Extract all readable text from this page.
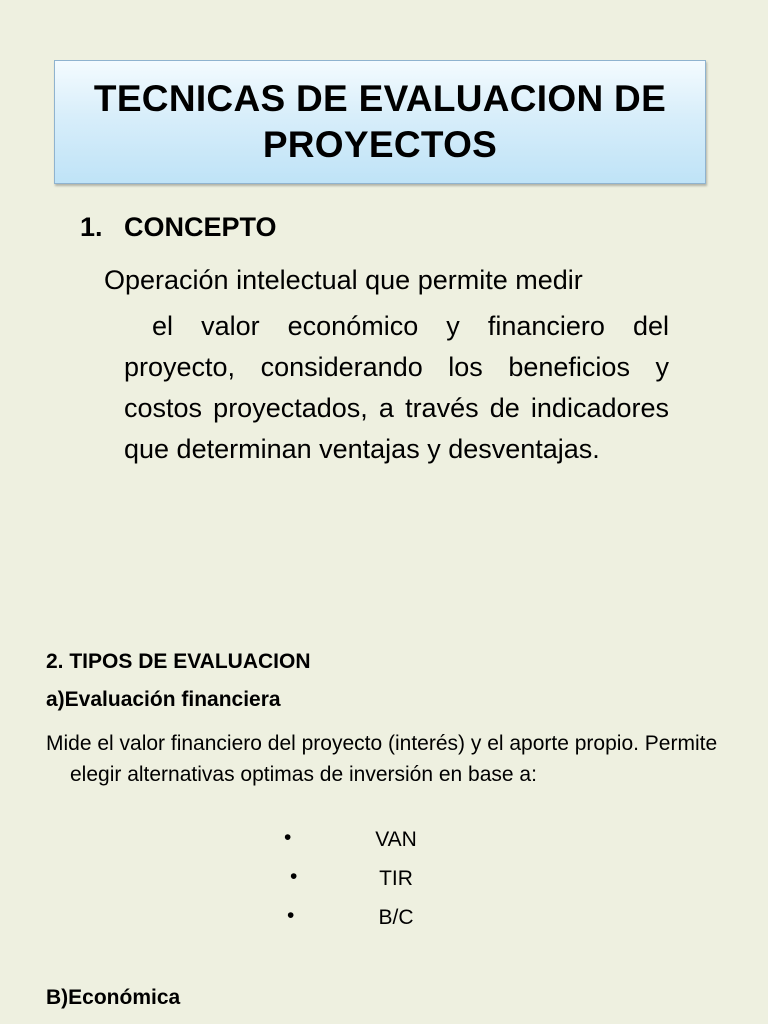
TECNICAS DE EVALUACION DE PROYECTOS
1. CONCEPTO
Operación intelectual que permite medir
el valor económico y financiero del proyecto, considerando los beneficios y costos proyectados, a través de indicadores que determinan ventajas y desventajas.
2. TIPOS DE EVALUACION
a)Evaluación financiera
Mide el valor financiero del proyecto (interés) y el aporte propio. Permite elegir alternativas optimas de inversión en base a:
•	VAN
•	TIR
•	B/C
B)Económica
